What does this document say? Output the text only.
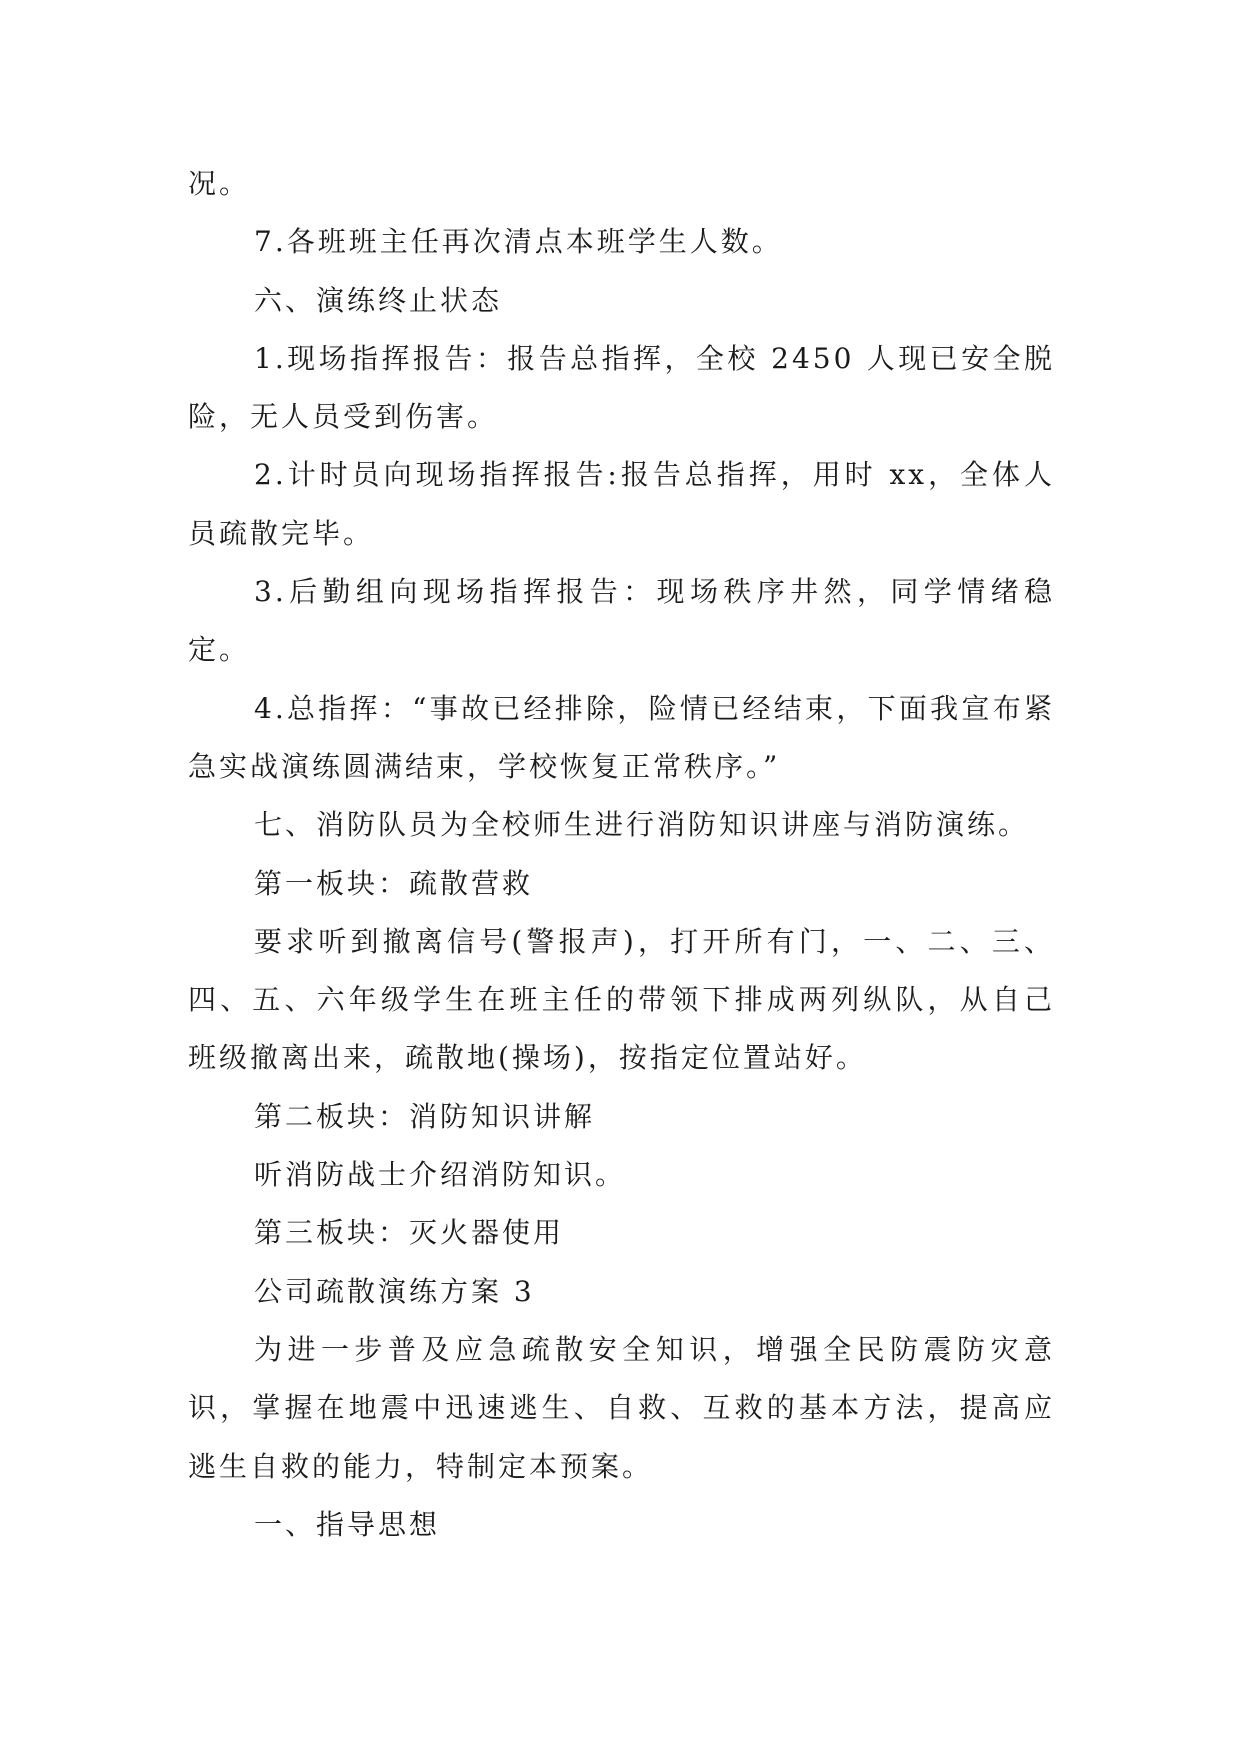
况。

7.各班班主任再次清点本班学生人数。

六、演练终止状态

1.现场指挥报告：报告总指挥，全校 2450 人现已安全脱险，无人员受到伤害。

2.计时员向现场指挥报告:报告总指挥，用时 xx，全体人员疏散完毕。

3.后勤组向现场指挥报告：现场秩序井然，同学情绪稳定。

4.总指挥：“事故已经排除，险情已经结束，下面我宣布紧急实战演练圆满结束，学校恢复正常秩序。”

七、消防队员为全校师生进行消防知识讲座与消防演练。

第一板块：疏散营救

要求听到撤离信号(警报声)，打开所有门，一、二、三、四、五、六年级学生在班主任的带领下排成两列纵队，从自己班级撤离出来，疏散地(操场)，按指定位置站好。

第二板块：消防知识讲解

听消防战士介绍消防知识。

第三板块：灭火器使用

公司疏散演练方案 3

为进一步普及应急疏散安全知识，增强全民防震防灾意识，掌握在地震中迅速逃生、自救、互救的基本方法，提高应逃生自救的能力，特制定本预案。

一、指导思想
